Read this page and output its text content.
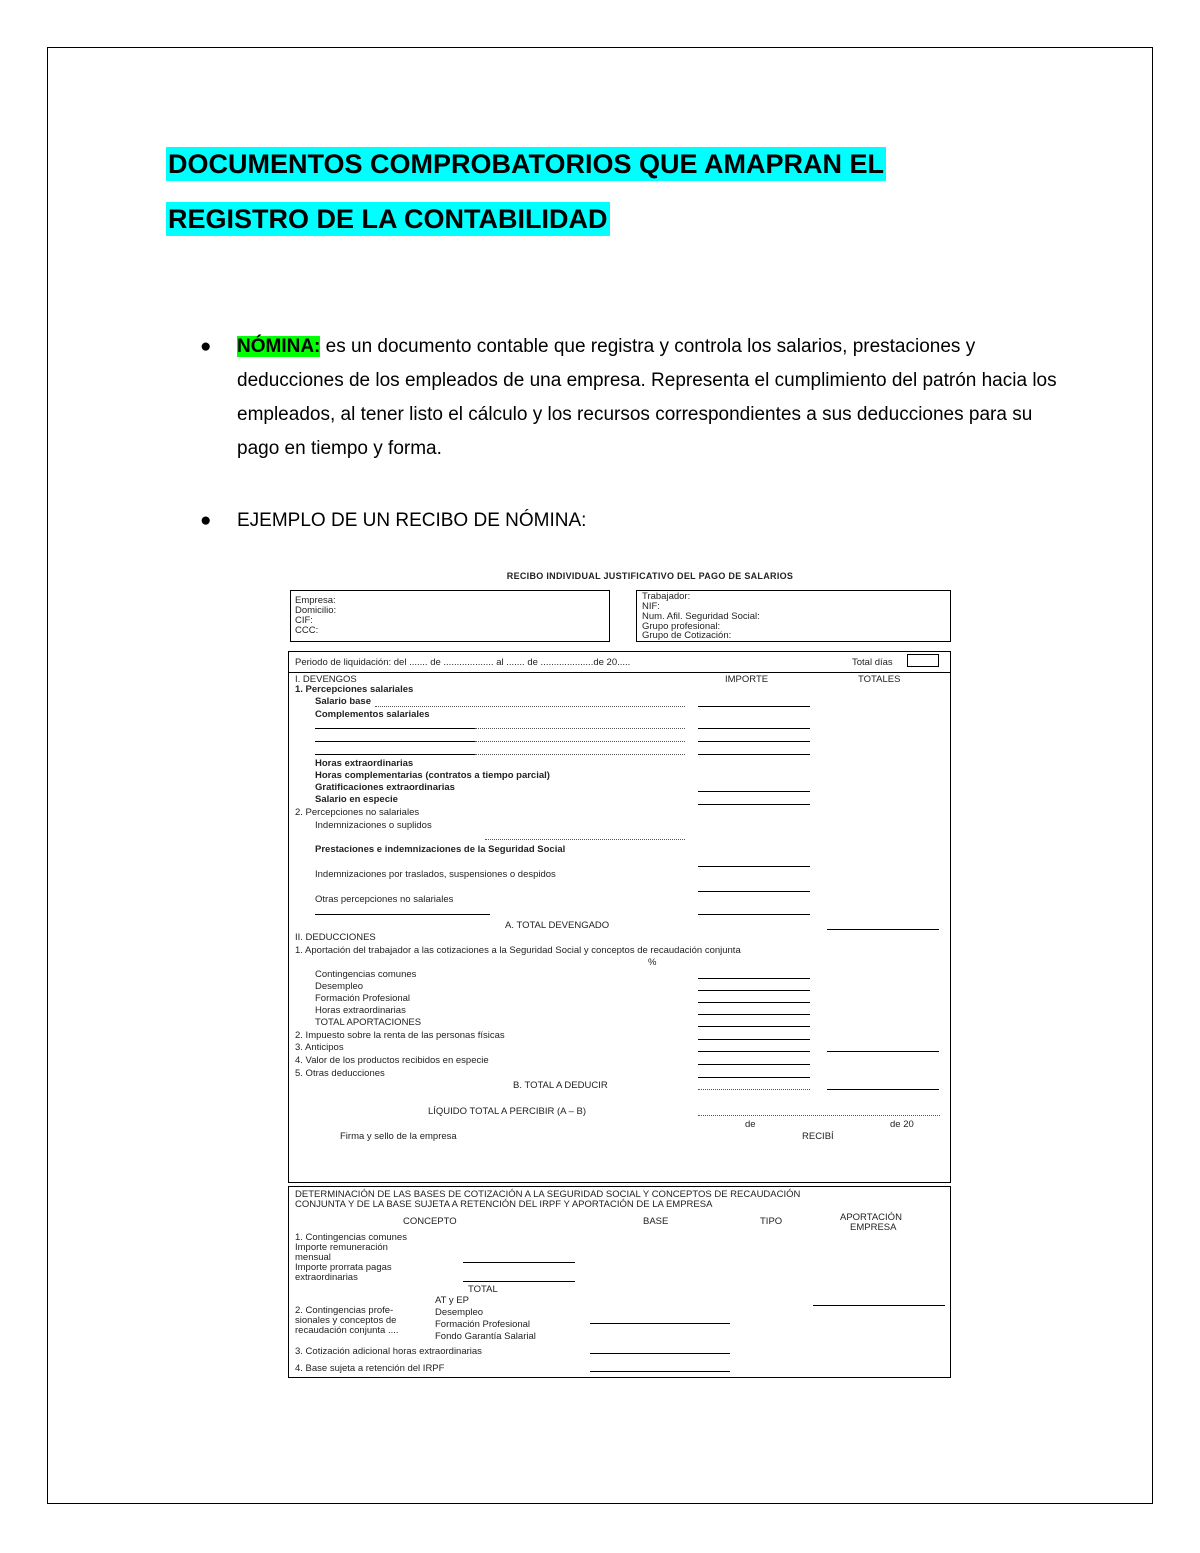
DOCUMENTOS COMPROBATORIOS QUE AMAPRAN EL
REGISTRO DE LA CONTABILIDAD
●	NÓMINA: es un documento contable que registra y controla los salarios, prestaciones y deducciones de los empleados de una empresa. Representa el cumplimiento del patrón hacia los empleados, al tener listo el cálculo y los recursos correspondientes a sus deducciones para su pago en tiempo y forma.
●	EJEMPLO DE UN RECIBO DE NÓMINA:
RECIBO INDIVIDUAL JUSTIFICATIVO DEL PAGO DE SALARIOS
Empresa:
Domicilio:
CIF:
CCC:
Trabajador:
NIF:
Num. Afil. Seguridad Social:
Grupo profesional:
Grupo de Cotización:
Periodo de liquidación: del ....... de ................... al ....... de ....................de 20.....	Total días
I. DEVENGOS	IMPORTE	TOTALES
1. Percepciones salariales
Salario base
Complementos salariales
Horas extraordinarias
Horas complementarias (contratos a tiempo parcial)
Gratificaciones extraordinarias
Salario en especie
2. Percepciones no salariales
Indemnizaciones o suplidos
Prestaciones e indemnizaciones de la Seguridad Social
Indemnizaciones por traslados, suspensiones o despidos
Otras percepciones no salariales
A. TOTAL DEVENGADO
II. DEDUCCIONES
1. Aportación del trabajador a las cotizaciones a la Seguridad Social y conceptos de recaudación conjunta
%
Contingencias comunes
Desempleo
Formación Profesional
Horas extraordinarias
TOTAL APORTACIONES
2. Impuesto sobre la renta de las personas físicas
3. Anticipos
4. Valor de los productos recibidos en especie
5. Otras deducciones
B. TOTAL A DEDUCIR
LÍQUIDO TOTAL A PERCIBIR (A – B)
de	de 20
Firma y sello de la empresa	RECIBÍ
DETERMINACIÓN DE LAS BASES DE COTIZACIÓN A LA SEGURIDAD SOCIAL Y CONCEPTOS DE RECAUDACIÓN
CONJUNTA Y DE LA BASE SUJETA A RETENCIÓN DEL IRPF Y APORTACIÓN DE LA EMPRESA
CONCEPTO	BASE	TIPO	APORTACIÓN
EMPRESA
1. Contingencias comunes
Importe remuneración
mensual
Importe prorrata pagas
extraordinarias
TOTAL
AT y EP
2. Contingencias profe-	Desempleo
sionales y conceptos de	Formación Profesional
recaudación conjunta ....
Fondo Garantía Salarial
3. Cotización adicional horas extraordinarias
4. Base sujeta a retención del IRPF
